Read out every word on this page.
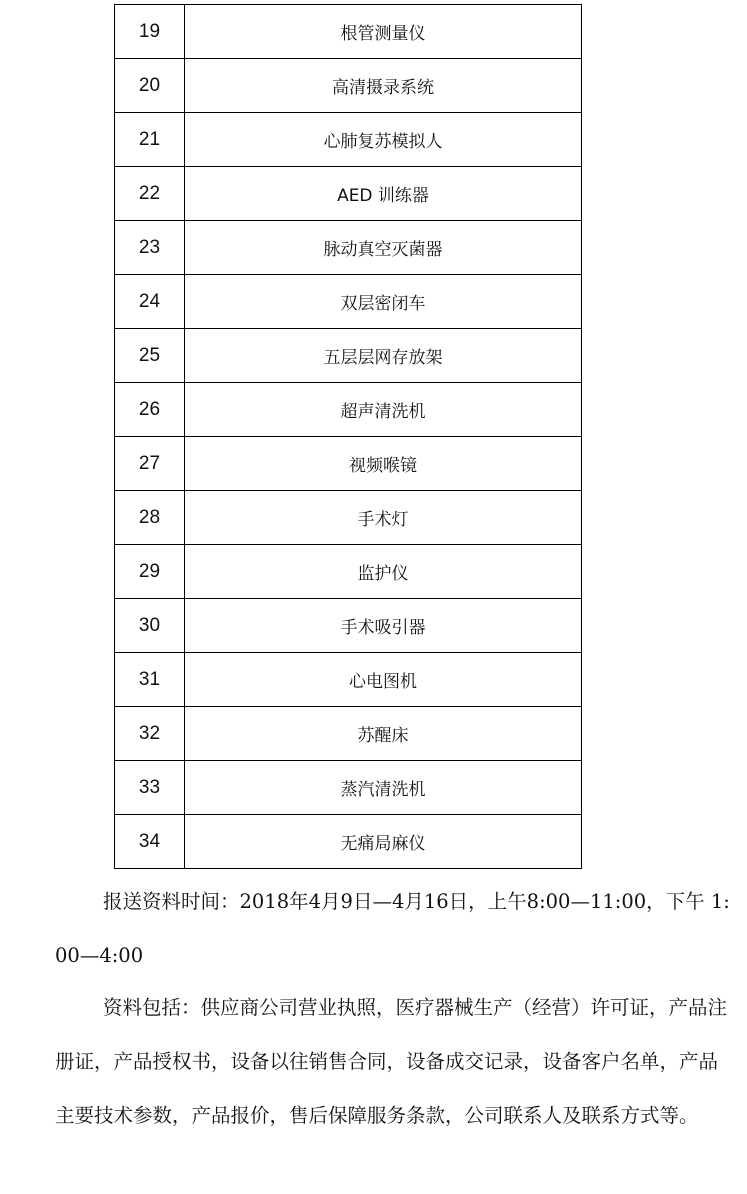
19	根管测量仪
20	高清摄录系统
21	心肺复苏模拟人
22	AED 训练器
23	脉动真空灭菌器
24	双层密闭车
25	五层层网存放架
26	超声清洗机
27	视频喉镜
28	手术灯
29	监护仪
30	手术吸引器
31	心电图机
32	苏醒床
33	蒸汽清洗机
34	无痛局麻仪

报送资料时间：2018年4月9日—4月16日，上午8:00—11:00，下午 1:00—4:00

资料包括：供应商公司营业执照，医疗器械生产（经营）许可证，产品注册证，产品授权书，设备以往销售合同，设备成交记录，设备客户名单，产品主要技术参数，产品报价，售后保障服务条款，公司联系人及联系方式等。
